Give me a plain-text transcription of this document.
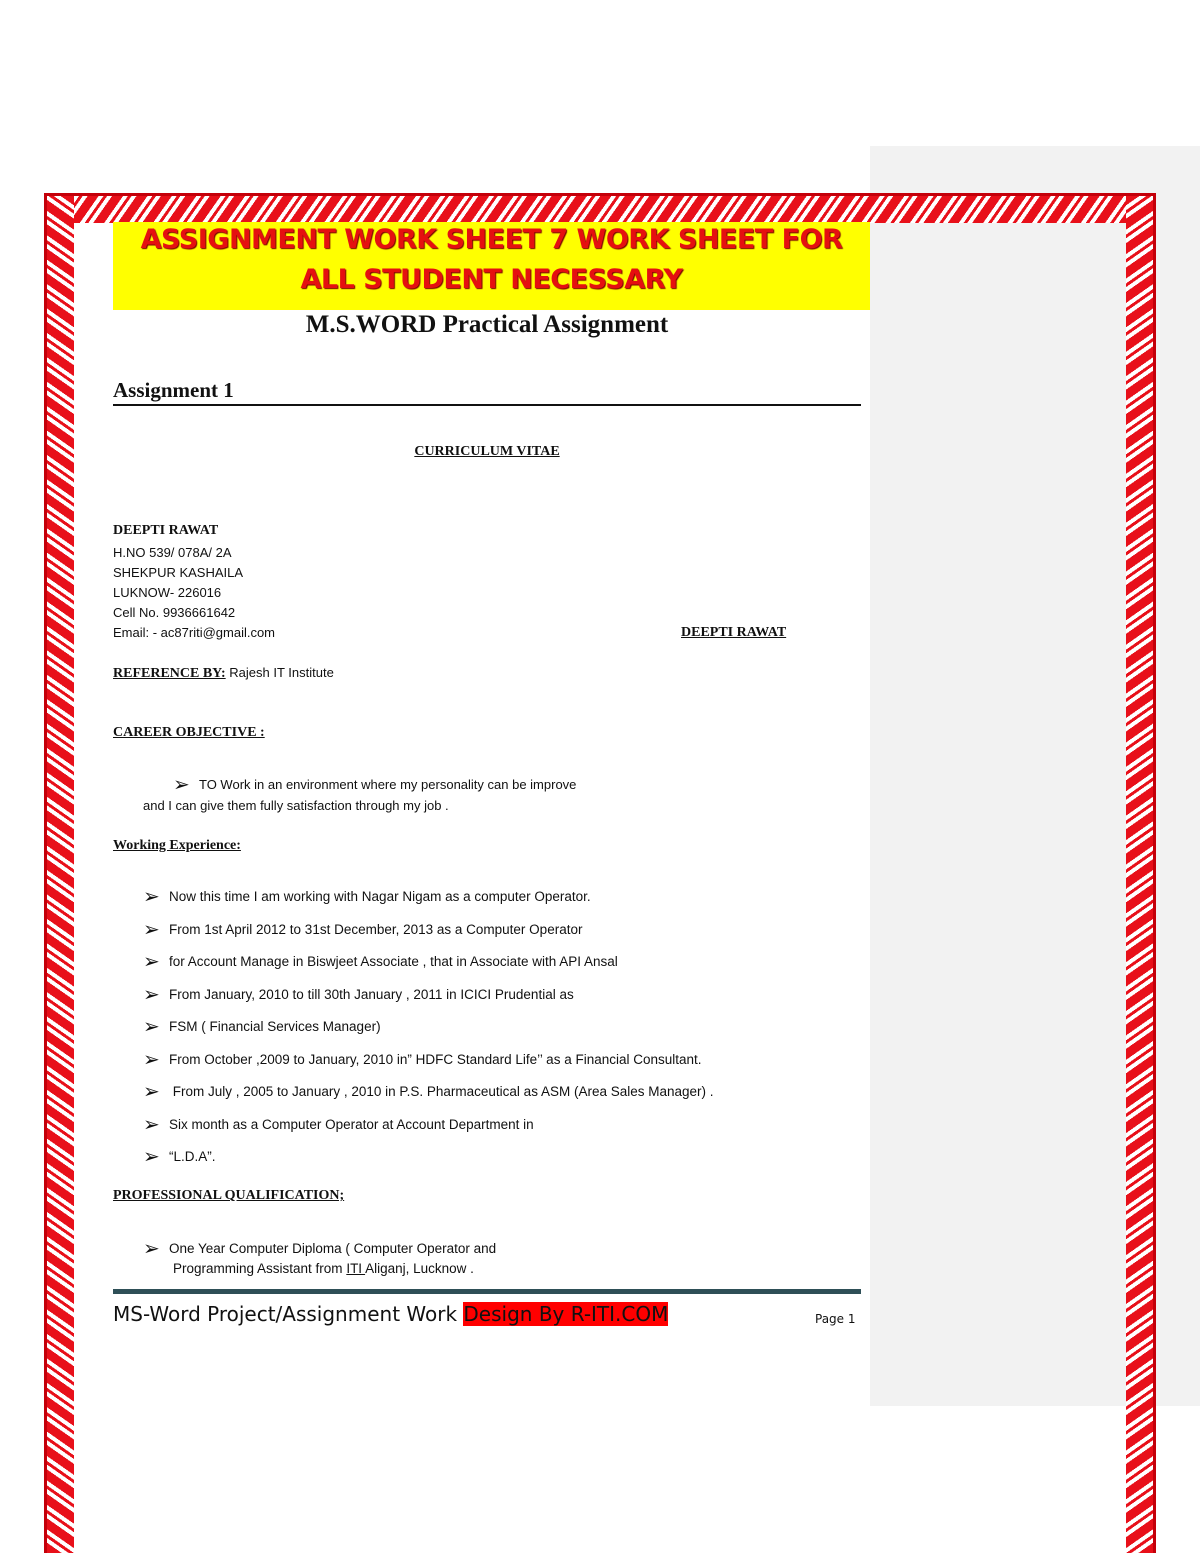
ASSIGNMENT WORK SHEET 7 WORK SHEET FOR
ALL STUDENT NECESSARY
M.S.WORD Practical Assignment
Assignment 1
CURRICULUM VITAE
DEEPTI RAWAT
H.NO 539/ 078A/ 2A
SHEKPUR KASHAILA
LUKNOW- 226016
Cell No. 9936661642
Email: - ac87riti@gmail.com	DEEPTI RAWAT
REFERENCE BY: Rajesh IT Institute
CAREER OBJECTIVE :
➢ TO Work in an environment where my personality can be improve
and I can give them fully satisfaction through my job .
Working Experience:
➢ Now this time I am working with Nagar Nigam as a computer Operator.
➢ From 1st April 2012 to 31st December, 2013 as a Computer Operator
➢ for Account Manage in Biswjeet Associate , that in Associate with API Ansal
➢ From January, 2010 to till 30th January , 2011 in ICICI Prudential as
➢ FSM ( Financial Services Manager)
➢ From October ,2009 to January, 2010 in” HDFC Standard Life’’ as a Financial Consultant.
➢ From July , 2005 to January , 2010 in P.S. Pharmaceutical as ASM (Area Sales Manager) .
➢ Six month as a Computer Operator at Account Department in
➢ “L.D.A”.
PROFESSIONAL QUALIFICATION;
➢ One Year Computer Diploma ( Computer Operator and
Programming Assistant from ITI Aliganj, Lucknow .
MS-Word Project/Assignment Work Design By R-ITI.COM	Page 1
